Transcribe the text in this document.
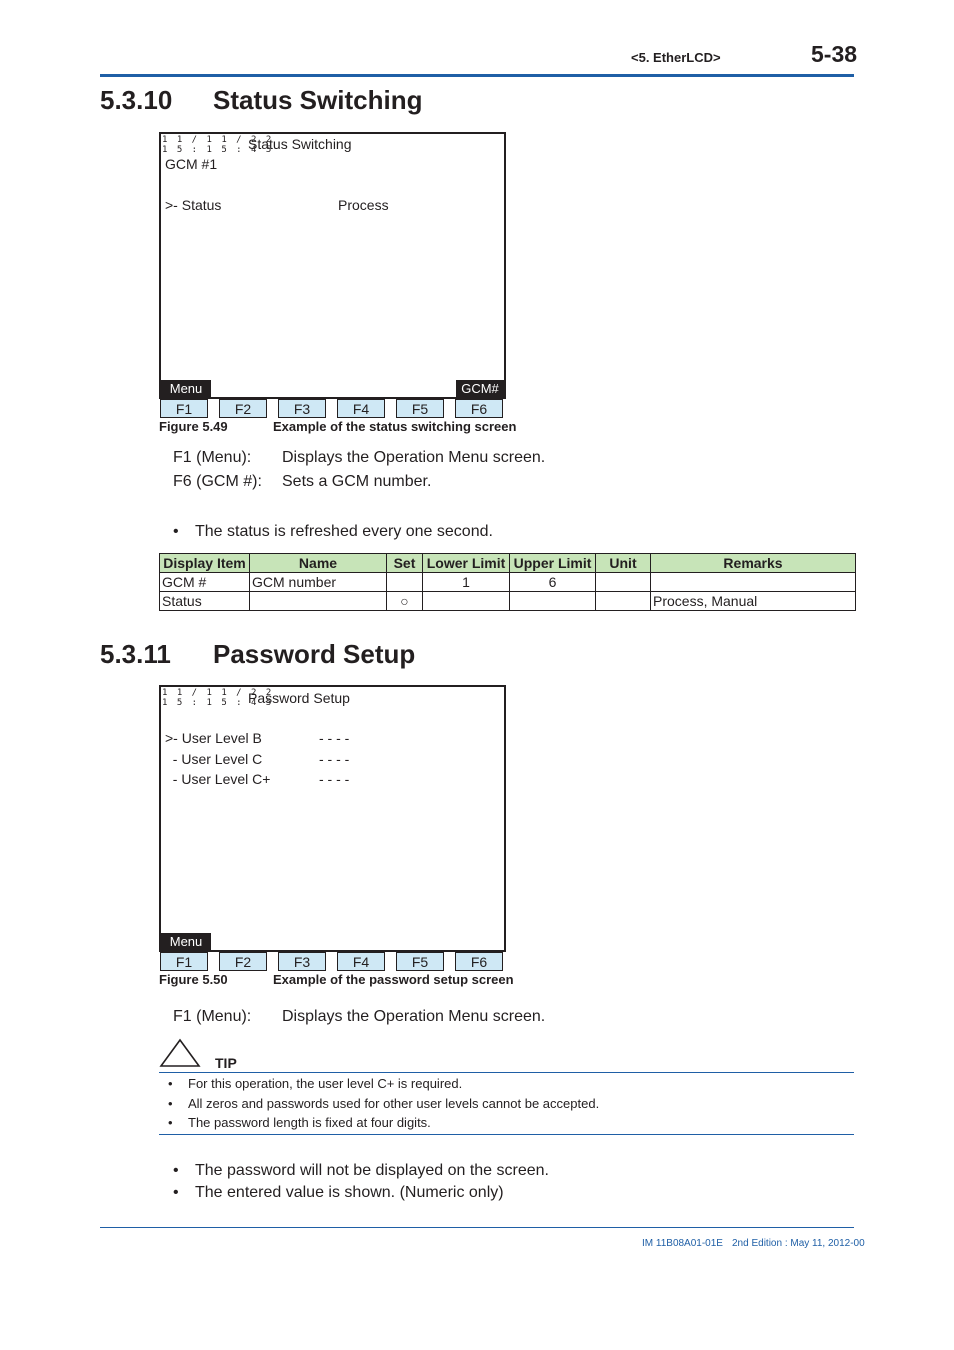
<5. EtherLCD>	5-38
5.3.10 Status Switching
1 1 / 1 1 / 2 2
1 5 : 1 5 : 4 5
Status Switching
GCM #1
>- Status	Process
Menu	GCM#
F1	F2	F3	F4	F5	F6
Figure 5.49	Example of the status switching screen
F1 (Menu): Displays the Operation Menu screen.
F6 (GCM #): Sets a GCM number.
• The status is refreshed every one second.
Display Item	Name	Set	Lower Limit	Upper Limit	Unit	Remarks
GCM #	GCM number		1	6		
Status		○				Process, Manual
5.3.11 Password Setup
1 1 / 1 1 / 2 2
1 5 : 1 5 : 4 5
Password Setup
>- User Level B	- - - -
- User Level C	- - - -
- User Level C+	- - - -
Menu
F1	F2	F3	F4	F5	F6
Figure 5.50	Example of the password setup screen
F1 (Menu): Displays the Operation Menu screen.
TIP
• For this operation, the user level C+ is required.
• All zeros and passwords used for other user levels cannot be accepted.
• The password length is fixed at four digits.
• The password will not be displayed on the screen.
• The entered value is shown. (Numeric only)
IM 11B08A01-01E 2nd Edition : May 11, 2012-00
